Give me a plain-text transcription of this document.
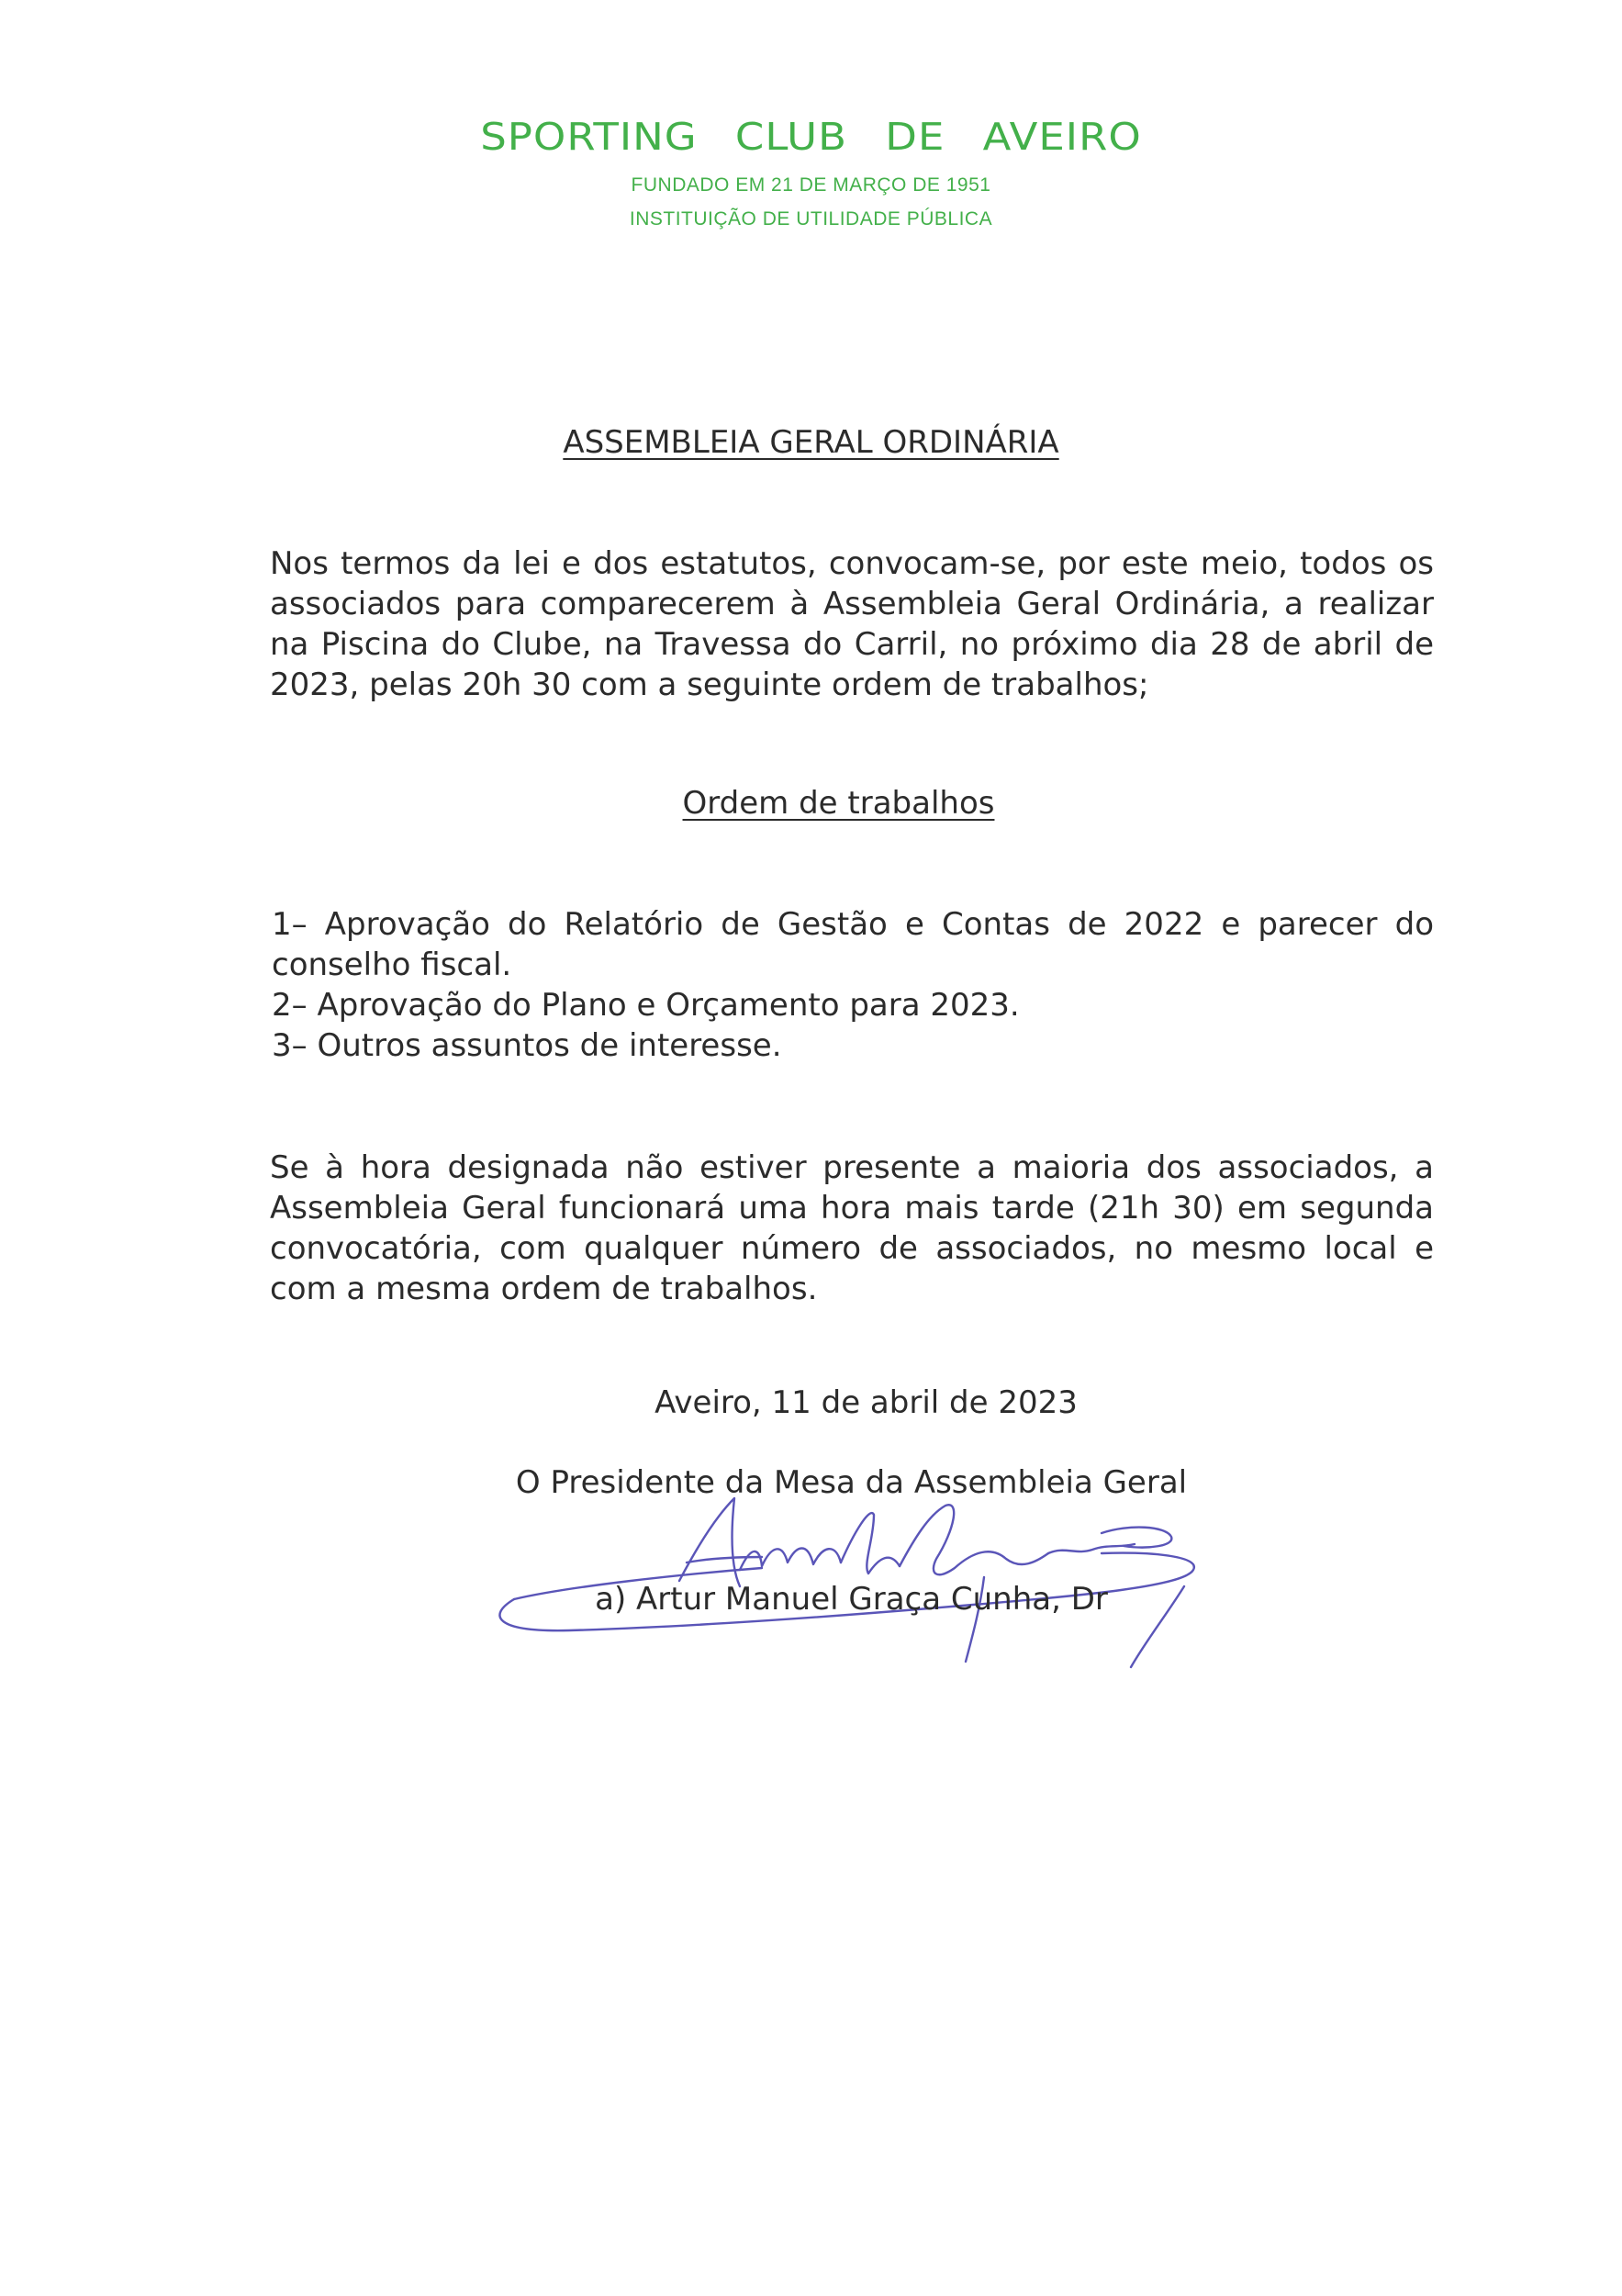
SPORTING CLUB DE AVEIRO
FUNDADO EM 21 DE MARÇO DE 1951
INSTITUIÇÃO DE UTILIDADE PÚBLICA
ASSEMBLEIA GERAL ORDINÁRIA

Nos termos da lei e dos estatutos, convocam-se, por este meio, todos os associados para comparecerem à Assembleia Geral Ordinária, a realizar na Piscina do Clube, na Travessa do Carril, no próximo dia 28 de abril de 2023, pelas 20h 30 com a seguinte ordem de trabalhos;

Ordem de trabalhos
1– Aprovação do Relatório de Gestão e Contas de 2022 e parecer do conselho fiscal.
2– Aprovação do Plano e Orçamento para 2023.
3– Outros assuntos de interesse.

Se à hora designada não estiver presente a maioria dos associados, a Assembleia Geral funcionará uma hora mais tarde (21h 30) em segunda convocatória, com qualquer número de associados, no mesmo local e com a mesma ordem de trabalhos.

Aveiro, 11 de abril de 2023
O Presidente da Mesa da Assembleia Geral
a) Artur Manuel Graça Cunha, Dr
